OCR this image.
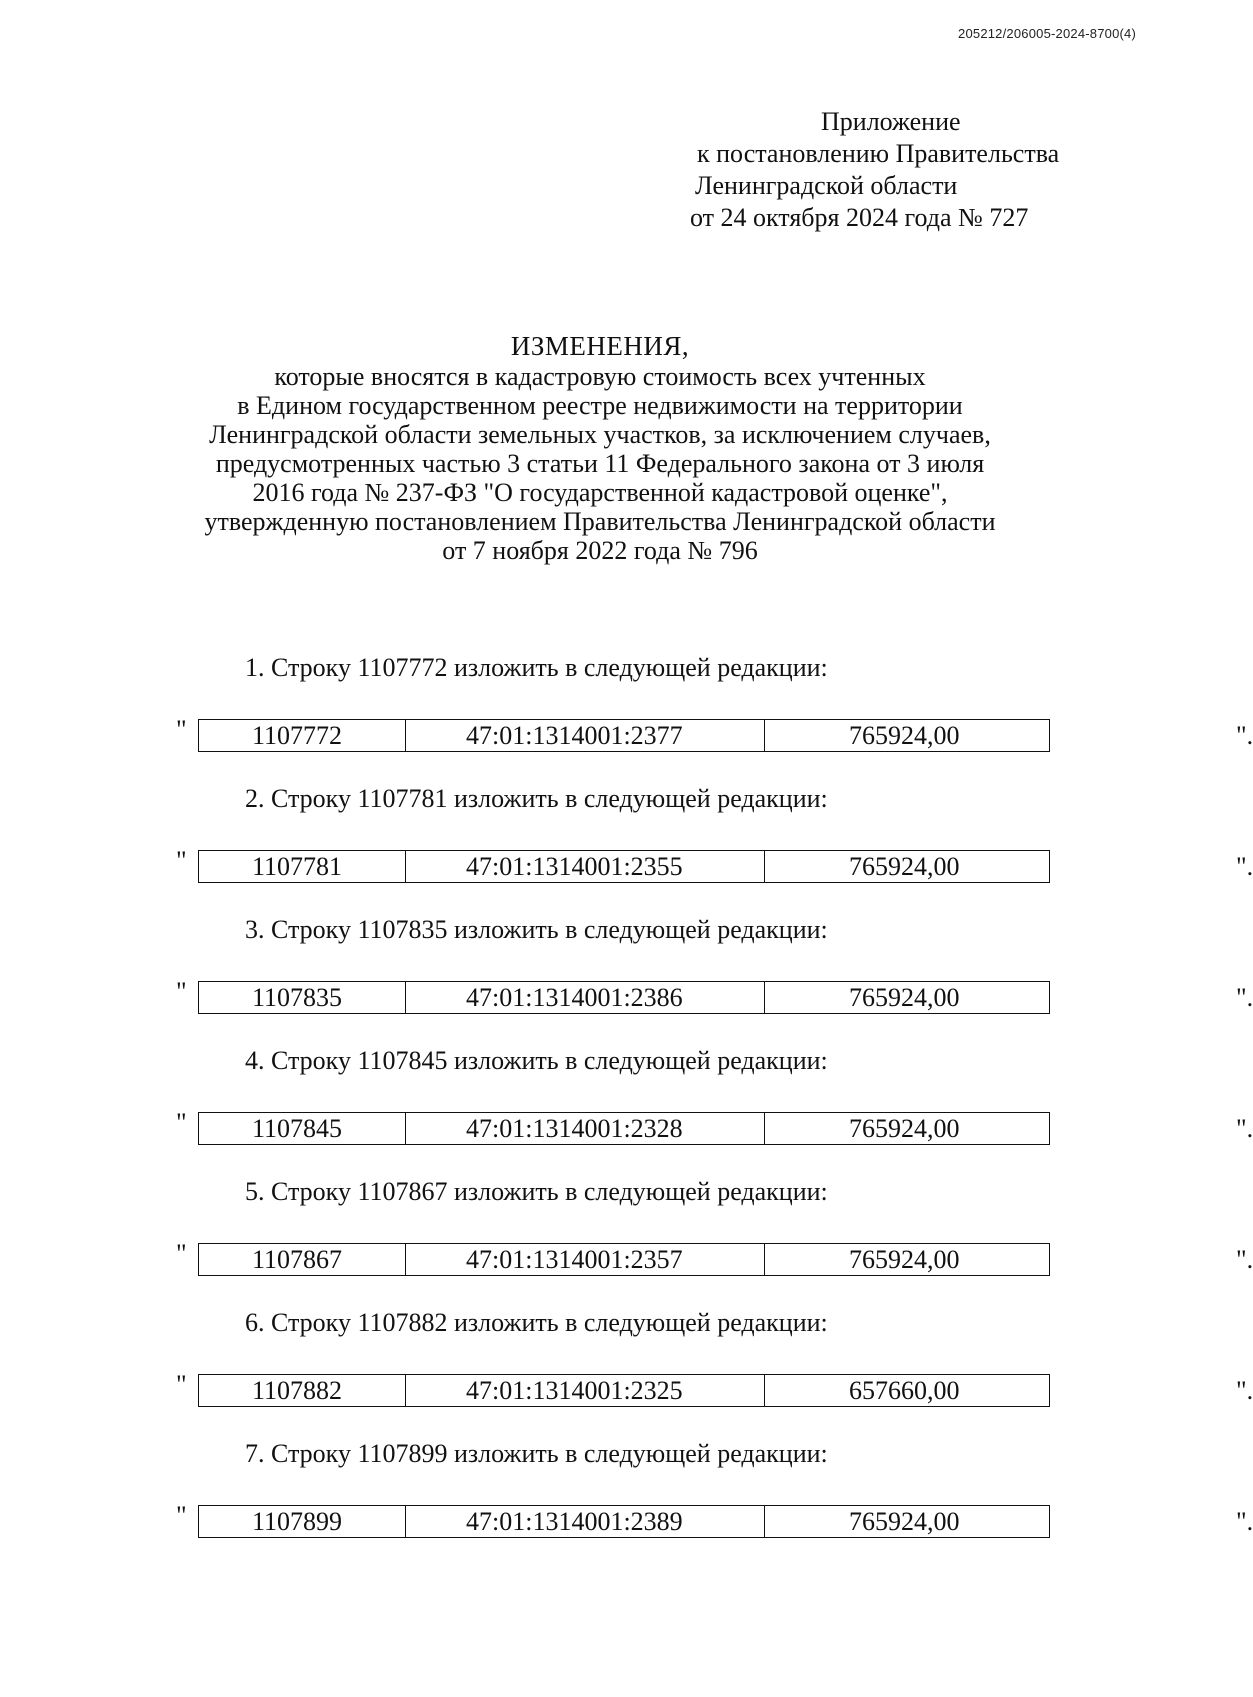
205212/206005-2024-8700(4)
Приложение
к постановлению Правительства
Ленинградской области
от 24 октября 2024 года № 727
ИЗМЕНЕНИЯ,
которые вносятся в кадастровую стоимость всех учтенных
в Едином государственном реестре недвижимости на территории
Ленинградской области земельных участков, за исключением случаев,
предусмотренных частью 3 статьи 11 Федерального закона от 3 июля
2016 года № 237-ФЗ "О государственной кадастровой оценке",
утвержденную постановлением Правительства Ленинградской области
от 7 ноября 2022 года № 796
1. Строку 1107772 изложить в следующей редакции:
"	1107772	47:01:1314001:2377	765924,00	".
2. Строку 1107781 изложить в следующей редакции:
"	1107781	47:01:1314001:2355	765924,00	".
3. Строку 1107835 изложить в следующей редакции:
"	1107835	47:01:1314001:2386	765924,00	".
4. Строку 1107845 изложить в следующей редакции:
"	1107845	47:01:1314001:2328	765924,00	".
5. Строку 1107867 изложить в следующей редакции:
"	1107867	47:01:1314001:2357	765924,00	".
6. Строку 1107882 изложить в следующей редакции:
"	1107882	47:01:1314001:2325	657660,00	".
7. Строку 1107899 изложить в следующей редакции:
"	1107899	47:01:1314001:2389	765924,00	".
